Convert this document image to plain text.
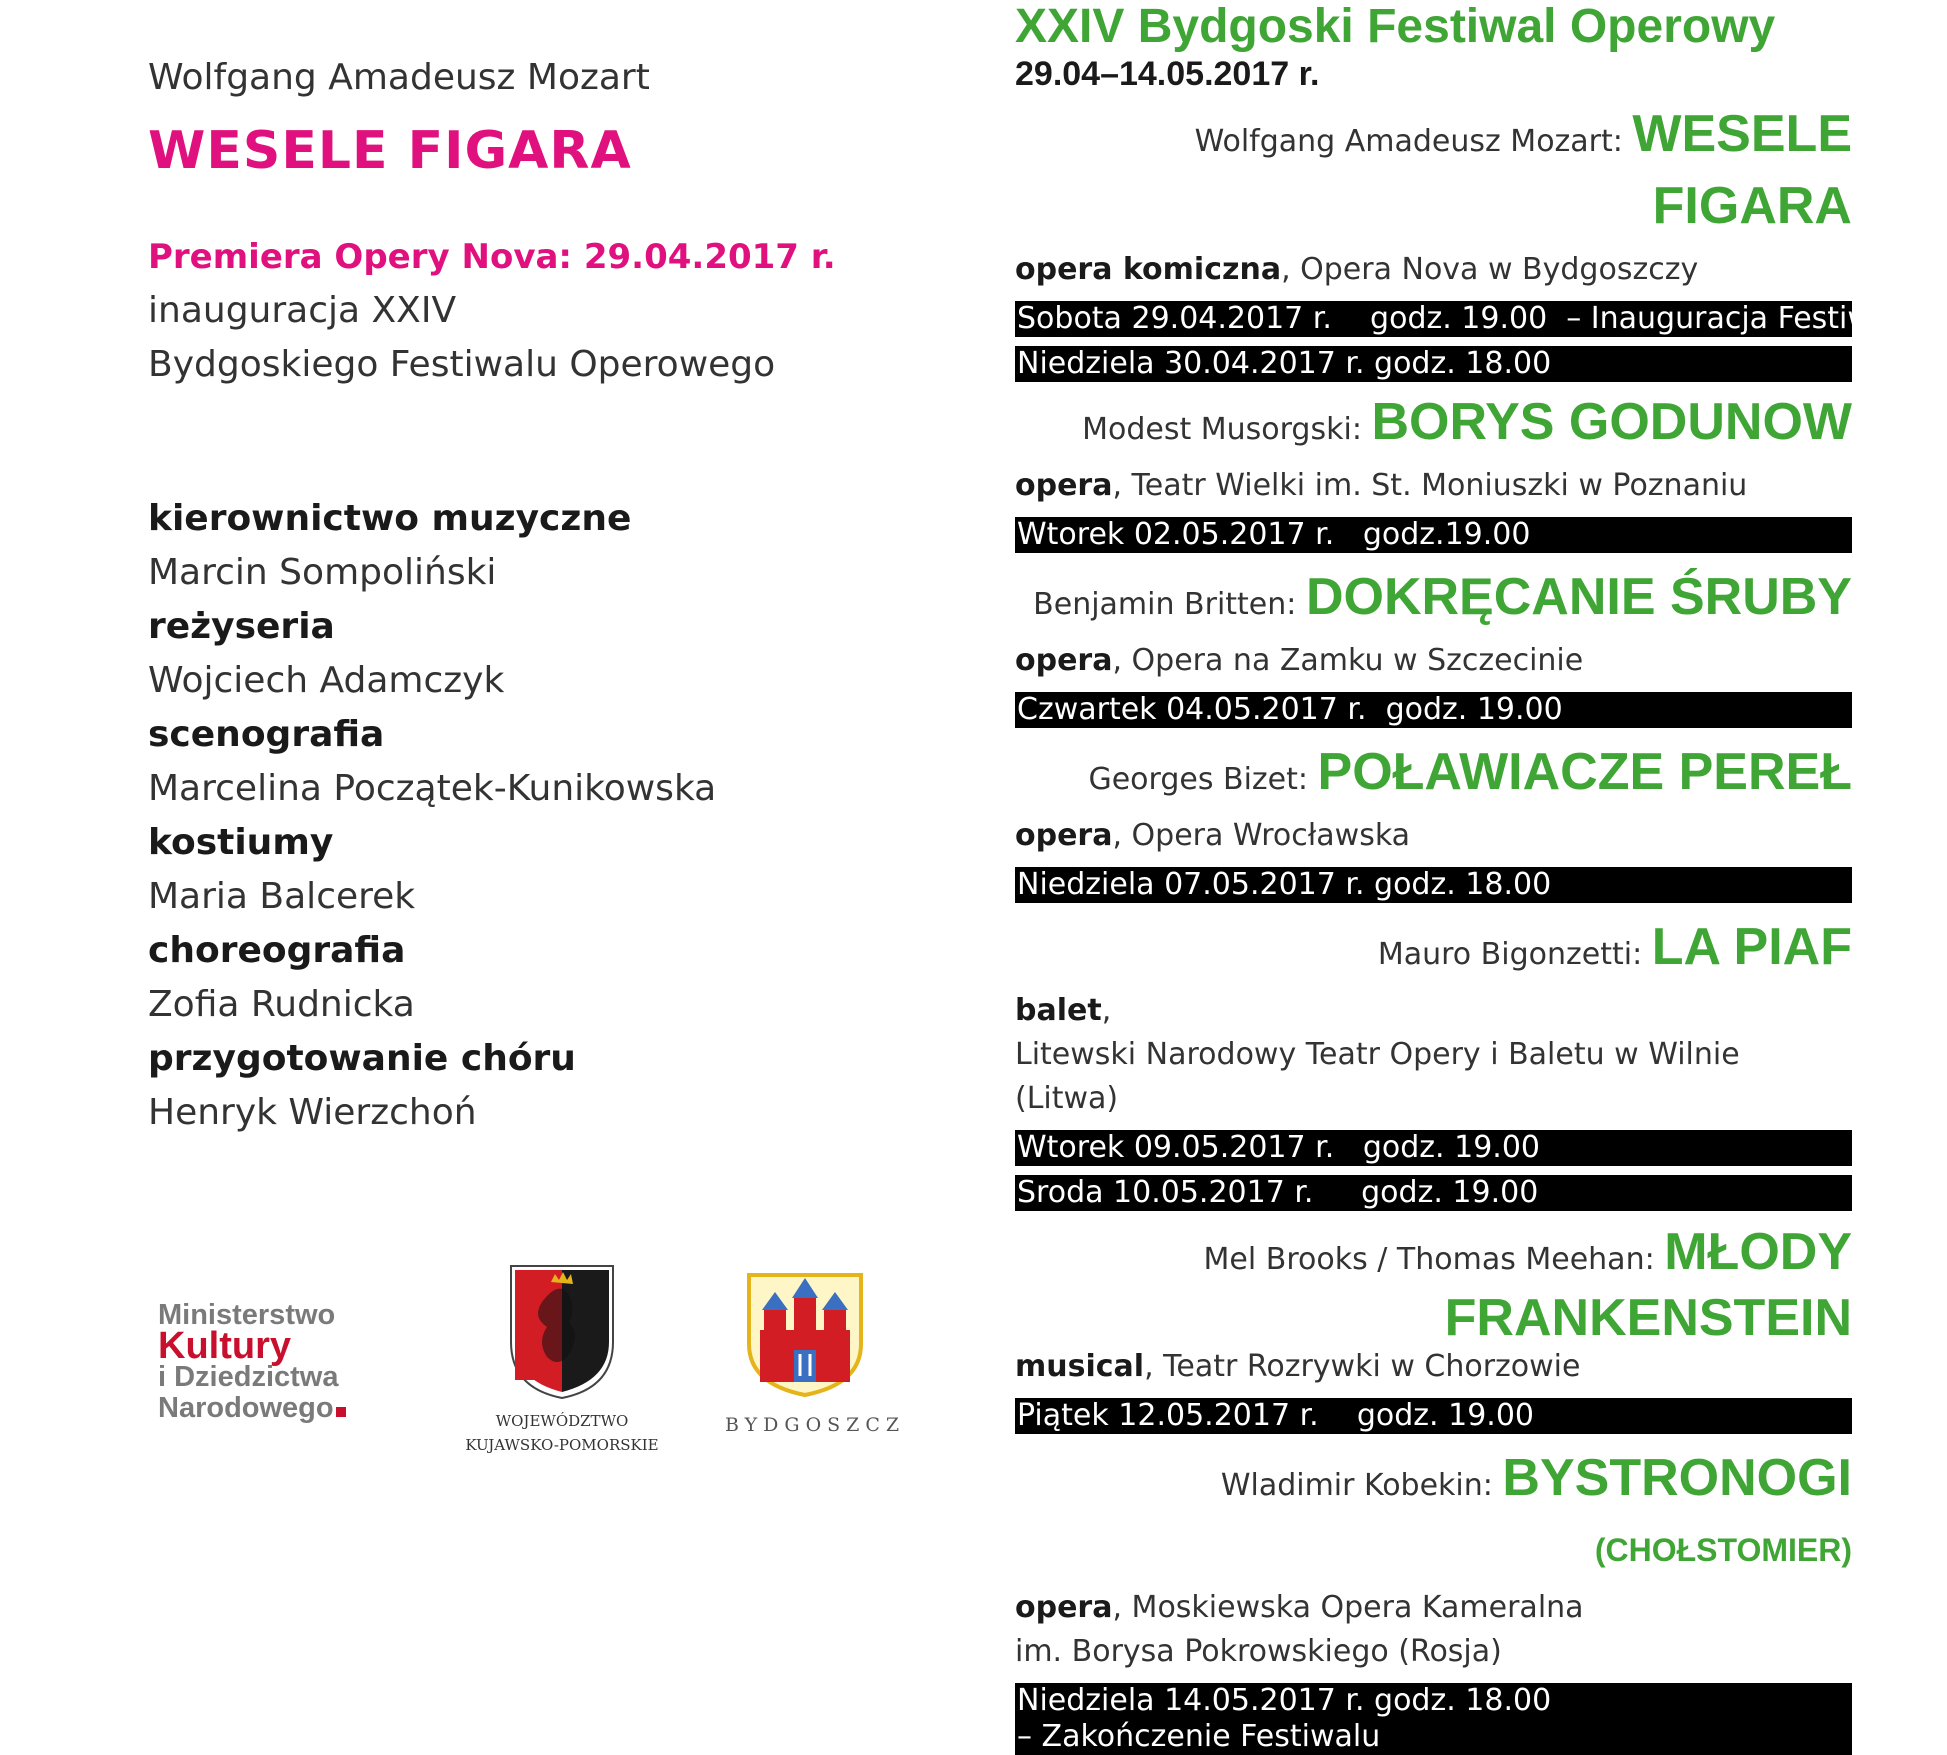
Wolfgang Amadeusz Mozart
WESELE FIGARA
Premiera Opery Nova: 29.04.2017 r.
inauguracja XXIV
Bydgoskiego Festiwalu Operowego
kierownictwo muzyczne
Marcin Sompoliński
reżyseria
Wojciech Adamczyk
scenografia
Marcelina Początek-Kunikowska
kostiumy
Maria Balcerek
choreografia
Zofia Rudnicka
przygotowanie chóru
Henryk Wierzchoń
Ministerstwo
Kultury
i Dziedzictwa
Narodowego	WOJEWÓDZTWO
KUJAWSKO-POMORSKIE
BYDGOSZCZ
XXIV Bydgoski Festiwal Operowy
29.04–14.05.2017 r.
Wolfgang Amadeusz Mozart: WESELE FIGARA
opera komiczna, Opera Nova w Bydgoszczy
Sobota 29.04.2017 r.    godz. 19.00  – Inauguracja Festiwalu
Niedziela 30.04.2017 r. godz. 18.00
Modest Musorgski: BORYS GODUNOW
opera, Teatr Wielki im. St. Moniuszki w Poznaniu
Wtorek 02.05.2017 r.   godz.19.00
Benjamin Britten: DOKRĘCANIE ŚRUBY
opera, Opera na Zamku w Szczecinie
Czwartek 04.05.2017 r.  godz. 19.00
Georges Bizet: POŁAWIACZE PEREŁ
opera, Opera Wrocławska
Niedziela 07.05.2017 r. godz. 18.00
Mauro Bigonzetti: LA PIAF
balet,
Litewski Narodowy Teatr Opery i Baletu w Wilnie (Litwa)
Wtorek 09.05.2017 r.   godz. 19.00
Sroda 10.05.2017 r.     godz. 19.00
Mel Brooks / Thomas Meehan: MŁODY
FRANKENSTEIN
musical, Teatr Rozrywki w Chorzowie
Piątek 12.05.2017 r.    godz. 19.00
Wladimir Kobekin: BYSTRONOGI (CHOŁSTOMIER)
opera, Moskiewska Opera Kameralna
im. Borysa Pokrowskiego (Rosja)
Niedziela 14.05.2017 r. godz. 18.00
– Zakończenie Festiwalu
